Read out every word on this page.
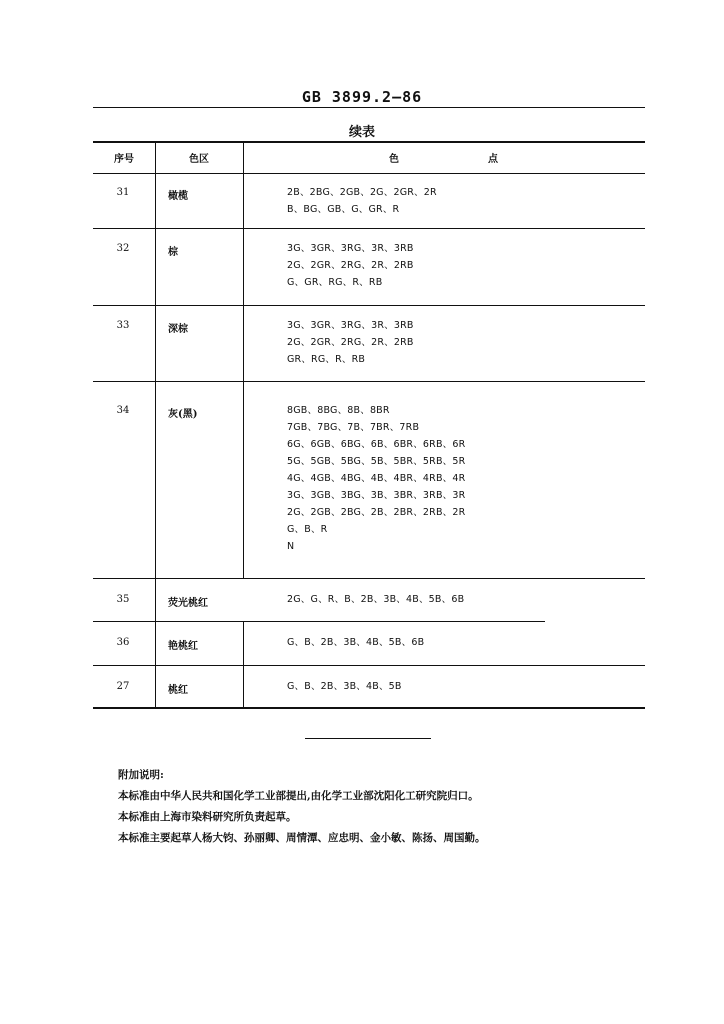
GB 3899.2—86
续表
序号	色区	色	点
31	橄榄	2B、2BG、2GB、2G、2GR、2R
B、BG、GB、G、GR、R
32	棕	3G、3GR、3RG、3R、3RB
2G、2GR、2RG、2R、2RB
G、GR、RG、R、RB
33	深棕	3G、3GR、3RG、3R、3RB
2G、2GR、2RG、2R、2RB
GR、RG、R、RB
34	灰(黑)	8GB、8BG、8B、8BR
7GB、7BG、7B、7BR、7RB
6G、6GB、6BG、6B、6BR、6RB、6R
5G、5GB、5BG、5B、5BR、5RB、5R
4G、4GB、4BG、4B、4BR、4RB、4R
3G、3GB、3BG、3B、3BR、3RB、3R
2G、2GB、2BG、2B、2BR、2RB、2R
G、B、R
N
35	荧光桃红	2G、G、R、B、2B、3B、4B、5B、6B
36	艳桃红	G、B、2B、3B、4B、5B、6B
27	桃红	G、B、2B、3B、4B、5B
附加说明:
本标准由中华人民共和国化学工业部提出,由化学工业部沈阳化工研究院归口。
本标准由上海市染料研究所负责起草。
本标准主要起草人杨大钧、孙丽卿、周情潭、应忠明、金小敏、陈扬、周国勤。
